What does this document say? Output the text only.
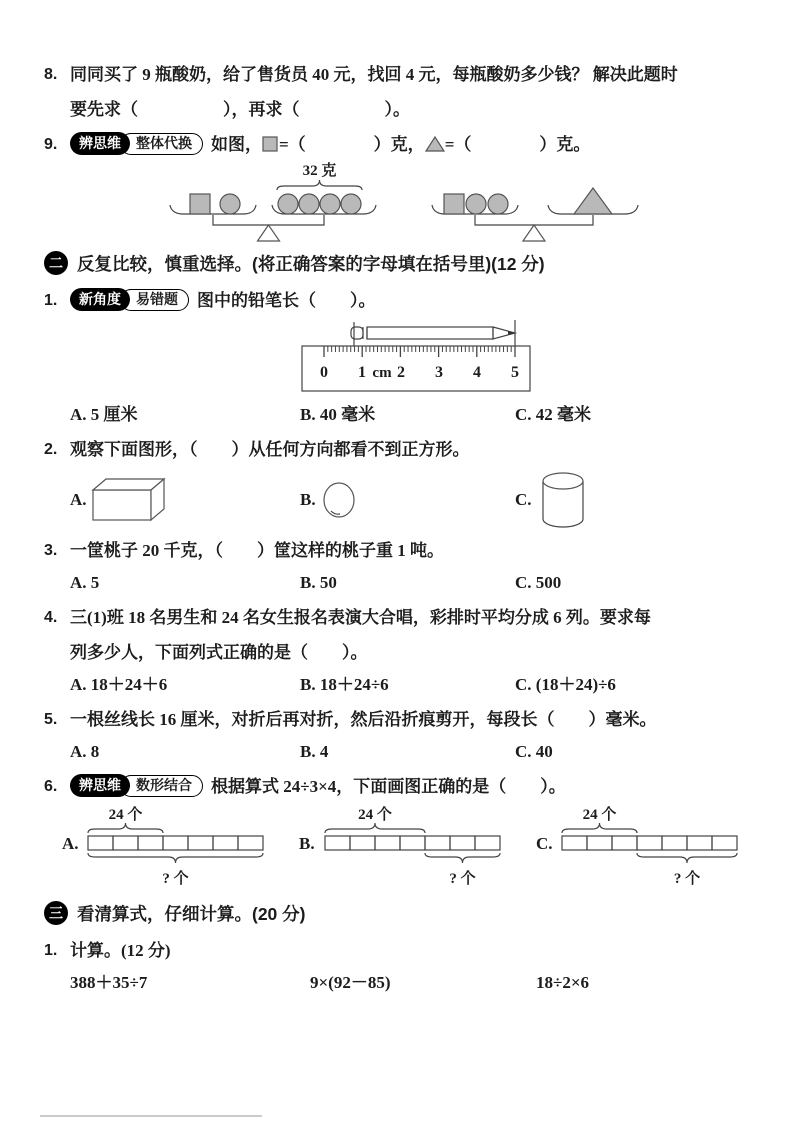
8. 同同买了 9 瓶酸奶，给了售货员 40 元，找回 4 元，每瓶酸奶多少钱？ 解决此题时
要先求（　　　　　），再求（　　　　　）。
9.	辨思维	整体代换	如图， =（　　　　）克， =（　　　　）克。
32 克
二 反复比较，慎重选择。(将正确答案的字母填在括号里)(12 分)
1.	新角度	易错题	图中的铅笔长（　　）。
0 1 cm 2 3 4 5
A. 5 厘米	B. 40 毫米	C. 42 毫米
2. 观察下面图形，（　　）从任何方向都看不到正方形。
A.	B.	C.
3. 一筐桃子 20 千克，（　　）筐这样的桃子重 1 吨。
A. 5	B. 50	C. 500
4. 三(1)班 18 名男生和 24 名女生报名表演大合唱，彩排时平均分成 6 列。要求每
列多少人，下面列式正确的是（　　）。
A. 18＋24＋6	B. 18＋24÷6	C. (18＋24)÷6
5. 一根丝线长 16 厘米，对折后再对折，然后沿折痕剪开，每段长（　　）毫米。
A. 8	B. 4	C. 40
6.	辨思维	数形结合	根据算式 24÷3×4，下面画图正确的是（　　）。
A.
24 个
? 个
B.
24 个
? 个
C.
24 个
? 个
三 看清算式，仔细计算。(20 分)
1. 计算。(12 分)
388＋35÷7	9×(92－85)	18÷2×6
